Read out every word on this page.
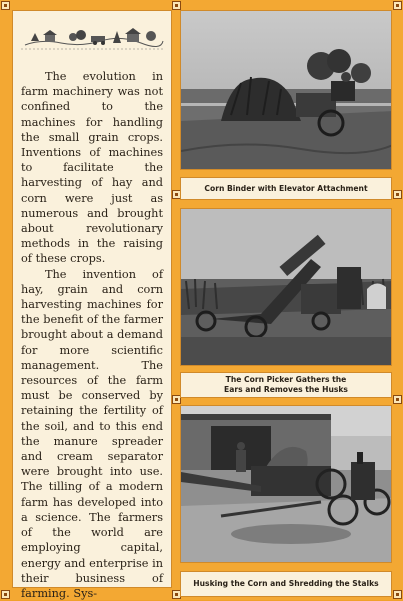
The evolution in farm machinery was not confined to the machines for handling the small grain crops. Inventions of machines to facilitate the harvesting of hay and corn were just as numerous and brought about revolutionary methods in the raising of these crops.

The invention of hay, grain and corn harvesting machines for the benefit of the farmer brought about a demand for more scientific management. The resources of the farm must be conserved by retaining the fertility of the soil, and to this end the manure spreader and cream separator were brought into use. The tilling of a modern farm has developed into a science. The farmers of the world are employing capital, energy and enterprise in their business of farming. Sys-

Corn Binder with Elevator Attachment
The Corn Picker Gathers the
Ears and Removes the Husks
Husking the Corn and Shredding the Stalks
